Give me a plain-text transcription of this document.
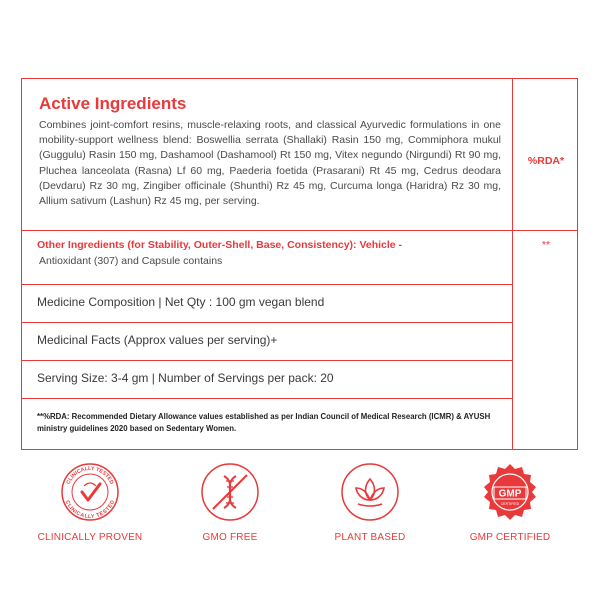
Active Ingredients
Combines joint-comfort resins, muscle-relaxing roots, and classical Ayurvedic formulations in one mobility-support wellness blend: Boswellia serrata (Shallaki) Rasin 150 mg, Commiphora mukul (Guggulu) Rasin 150 mg, Dashamool (Dashamool) Rt 150 mg, Vitex negundo (Nirgundi) Rt 90 mg, Pluchea lanceolata (Rasna) Lf 60 mg, Paederia foetida (Prasarani) Rt 45 mg, Cedrus deodara (Devdaru) Rz 30 mg, Zingiber officinale (Shunthi) Rz 45 mg, Curcuma longa (Haridra) Rz 30 mg, Allium sativum (Lashun) Rz 45 mg, per serving.
%RDA*
Other Ingredients (for Stability, Outer-Shell, Base, Consistency): Vehicle -
Antioxidant (307) and Capsule contains
**
Medicine Composition | Net Qty : 100 gm vegan blend
Medicinal Facts (Approx values per serving)+
Serving Size: 3-4 gm | Number of Servings per pack: 20
**%RDA: Recommended Dietary Allowance values established as per Indian Council of Medical Research (ICMR) & AYUSH ministry guidelines 2020 based on Sedentary Women.
CLINICALLY TESTED
CLINICALLY TESTED
CLINICALLY PROVEN	GMO FREE	PLANT BASED
GMP
CERTIFIED
GMP CERTIFIED
